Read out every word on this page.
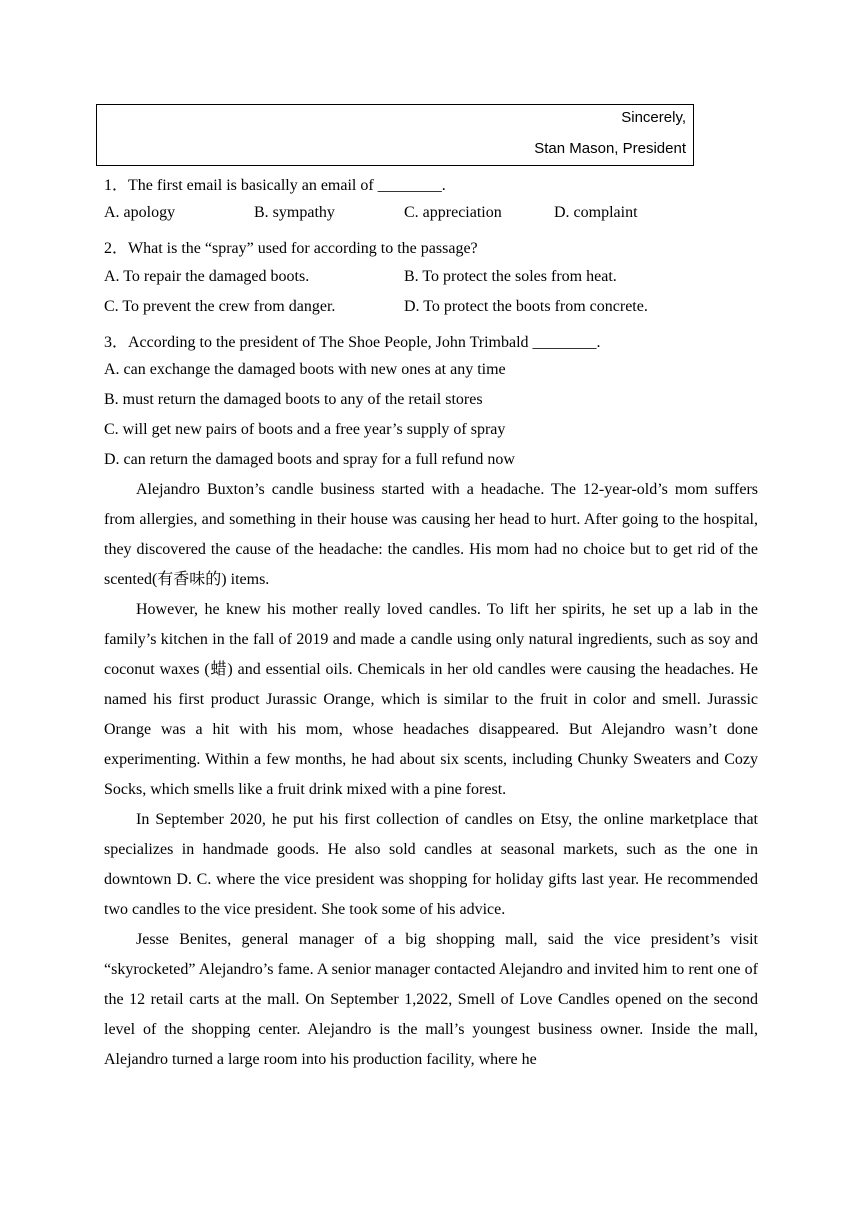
Sincerely,
Stan Mason, President
1．The first email is basically an email of ________.
A. apology	B. sympathy	C. appreciation	D. complaint
2．What is the “spray” used for according to the passage?
A. To repair the damaged boots.	B. To protect the soles from heat.
C. To prevent the crew from danger.	D. To protect the boots from concrete.
3．According to the president of The Shoe People, John Trimbald ________.
A. can exchange the damaged boots with new ones at any time
B. must return the damaged boots to any of the retail stores
C. will get new pairs of boots and a free year’s supply of spray
D. can return the damaged boots and spray for a full refund now

Alejandro Buxton’s candle business started with a headache. The 12-year-old’s mom suffers from allergies, and something in their house was causing her head to hurt. After going to the hospital, they discovered the cause of the headache: the candles. His mom had no choice but to get rid of the scented(有香味的) items.

However, he knew his mother really loved candles. To lift her spirits, he set up a lab in the family’s kitchen in the fall of 2019 and made a candle using only natural ingredients, such as soy and coconut waxes (蜡) and essential oils. Chemicals in her old candles were causing the headaches. He named his first product Jurassic Orange, which is similar to the fruit in color and smell. Jurassic Orange was a hit with his mom, whose headaches disappeared. But Alejandro wasn’t done experimenting. Within a few months, he had about six scents, including Chunky Sweaters and Cozy Socks, which smells like a fruit drink mixed with a pine forest.

In September 2020, he put his first collection of candles on Etsy, the online marketplace that specializes in handmade goods. He also sold candles at seasonal markets, such as the one in downtown D. C. where the vice president was shopping for holiday gifts last year. He recommended two candles to the vice president. She took some of his advice.

Jesse Benites, general manager of a big shopping mall, said the vice president’s visit “skyrocketed” Alejandro’s fame. A senior manager contacted Alejandro and invited him to rent one of the 12 retail carts at the mall. On September 1,2022, Smell of Love Candles opened on the second level of the shopping center. Alejandro is the mall’s youngest business owner. Inside the mall, Alejandro turned a large room into his production facility, where he
